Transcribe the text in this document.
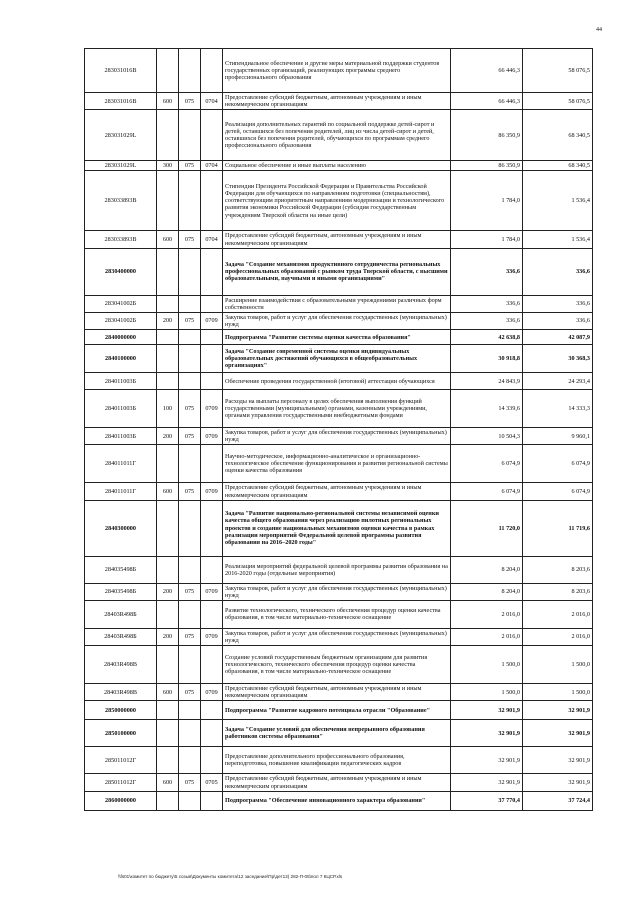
44
283031016В				Стипендиальное обеспечение и другие меры материальной поддержки студентов государственных организаций, реализующих программы среднего профессионального образования	66 446,3	58 076,5
283031016В	600	075	0704	Предоставление субсидий бюджетным, автономным учреждениям и иным некоммерческим организациям	66 446,3	58 076,5
283031029L				Реализация дополнительных гарантий по социальной поддержке детей-сирот и детей, оставшихся без попечения родителей, лиц из числа детей-сирот и детей, оставшихся без попечения родителей, обучающихся по программам среднего профессионального образования	86 350,9	68 340,5
283031029L	300	075	0704	Социальное обеспечение и иные выплаты населению	86 350,9	68 340,5
283033893В				Стипендии Президента Российской Федерации и Правительства Российской Федерации для обучающихся по направлениям подготовки (специальностям), соответствующим приоритетным направлениям модернизации и технологического развития экономики Российской Федерации (субсидия государственным учреждениям Тверской области на иные цели)	1 784,0	1 536,4
283033893В	600	075	0704	Предоставление субсидий бюджетным, автономным учреждениям и иным некоммерческим организациям	1 784,0	1 536,4
2830400000				Задача "Создание механизмов продуктивного сотрудничества региональных профессиональных образований с рынком труда Тверской области, с высшими образовательными, научными и иными организациями"	336,6	336,6
283041002Б				Расширение взаимодействия с образовательными учреждениями различных форм собственности	336,6	336,6
283041002Б	200	075	0709	Закупка товаров, работ и услуг для обеспечения государственных (муниципальных) нужд	336,6	336,6
2840000000				Подпрограмма "Развитие системы оценки качества образования"	42 638,8	42 087,9
2840100000				Задача "Создание современной системы оценки индивидуальных образовательных достижений обучающихся в общеобразовательных организациях"	30 918,8	30 368,3
284011003Б				Обеспечение проведения государственной (итоговой) аттестации обучающихся	24 843,9	24 293,4
284011003Б	100	075	0709	Расходы на выплаты персоналу в целях обеспечения выполнения функций государственными (муниципальными) органами, казенными учреждениями, органами управления государственными внебюджетными фондами	14 339,6	14 333,3
284011003Б	200	075	0709	Закупка товаров, работ и услуг для обеспечения государственных (муниципальных) нужд	10 504,3	9 960,1
284011011Г				Научно-методическое, информационно-аналитическое и организационно-технологическое обеспечение функционирования и развития региональной системы оценки качества образования	6 074,9	6 074,9
284011011Г	600	075	0709	Предоставление субсидий бюджетным, автономным учреждениям и иным некоммерческим организациям	6 074,9	6 074,9
2840300000				Задача "Развитие национально-региональной системы независимой оценки качества общего образования через реализацию пилотных региональных проектов и создание национальных механизмов оценки качества в рамках реализации мероприятий Федеральной целевой программы развития образования на 2016–2020 годы"	11 720,0	11 719,6
284035498Б				Реализация мероприятий федеральной целевой программы развития образования на 2016-2020 годы (отдельные мероприятия)	8 204,0	8 203,6
284035498Б	200	075	0709	Закупка товаров, работ и услуг для обеспечения государственных (муниципальных) нужд	8 204,0	8 203,6
28403R498Б				Развитие технологического, технического обеспечения процедур оценки качества образования, в том числе материально-техническое оснащение	2 016,0	2 016,0
28403R498Б	200	075	0709	Закупка товаров, работ и услуг для обеспечения государственных (муниципальных) нужд	2 016,0	2 016,0
28403R498В				Создание условий государственным бюджетным организациям для развития технологического, технического обеспечения процедур оценки качества образования, в том числе материально-техническое оснащение	1 500,0	1 500,0
28403R498В	600	075	0709	Предоставление субсидий бюджетным, автономным учреждениям и иным некоммерческим организациям	1 500,0	1 500,0
2850000000				Подпрограмма "Развитие кадрового потенциала отрасли "Образование"	32 901,9	32 901,9
2850100000				Задача "Создание условий для обеспечения непрерывного образования работников системы образования"	32 901,9	32 901,9
285011012Г				Предоставление дополнительного профессионального образования, переподготовка, повышение квалификации педагогических кадров	32 901,9	32 901,9
285011012Г	600	075	0705	Предоставление субсидий бюджетным, автономным учреждениям и иным некоммерческим организациям	32 901,9	32 901,9
2860000000				Подпрограмма "Обеспечение инновационного характера образования"	37 770,4	37 724,4
\\fs01\комитет по бюджету\5 созыв\Документы комитета\12 заседание\Пр\дет13) 282-П-05\пол 7 КЦСР.xls
